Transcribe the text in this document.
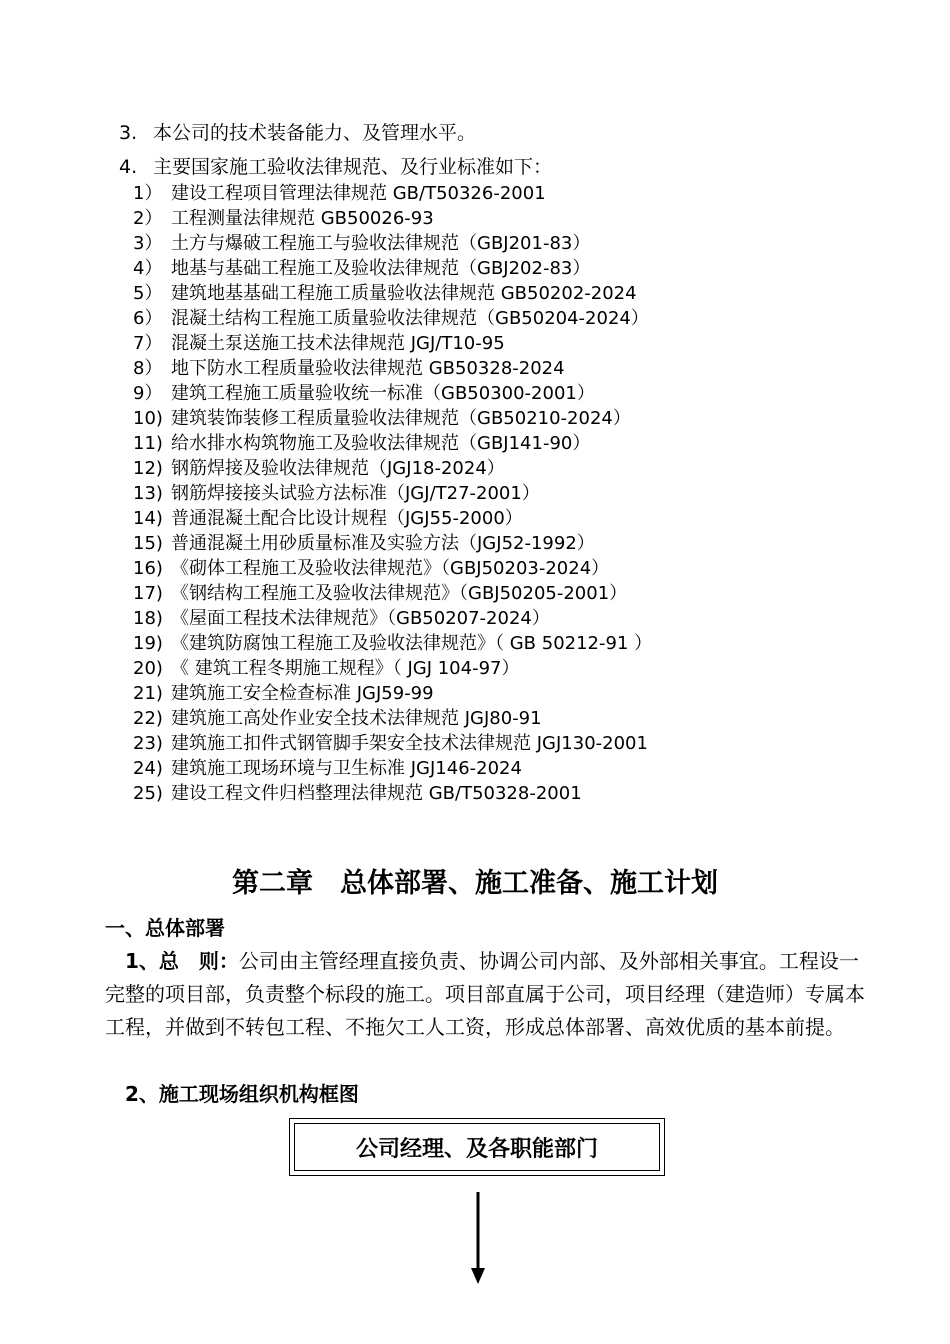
3. 本公司的技术装备能力、及管理水平。
4. 主要国家施工验收法律规范、及行业标准如下：
1） 建设工程项目管理法律规范 GB/T50326-2001
2） 工程测量法律规范 GB50026-93
3） 土方与爆破工程施工与验收法律规范（GBJ201-83）
4） 地基与基础工程施工及验收法律规范（GBJ202-83）
5） 建筑地基基础工程施工质量验收法律规范 GB50202-2024
6） 混凝土结构工程施工质量验收法律规范（GB50204-2024）
7） 混凝土泵送施工技术法律规范 JGJ/T10-95
8） 地下防水工程质量验收法律规范 GB50328-2024
9） 建筑工程施工质量验收统一标准（GB50300-2001）
10) 建筑装饰装修工程质量验收法律规范（GB50210-2024）
11) 给水排水构筑物施工及验收法律规范（GBJ141-90）
12) 钢筋焊接及验收法律规范（JGJ18-2024）
13) 钢筋焊接接头试验方法标准（JGJ/T27-2001）
14) 普通混凝土配合比设计规程（JGJ55-2000）
15) 普通混凝土用砂质量标准及实验方法（JGJ52-1992）
16) 《砌体工程施工及验收法律规范》（GBJ50203-2024）
17) 《钢结构工程施工及验收法律规范》（GBJ50205-2001）
18) 《屋面工程技术法律规范》（GB50207-2024）
19) 《建筑防腐蚀工程施工及验收法律规范》（ GB 50212-91 ）
20) 《 建筑工程冬期施工规程》（ JGJ 104-97）
21) 建筑施工安全检查标准 JGJ59-99
22) 建筑施工高处作业安全技术法律规范 JGJ80-91
23) 建筑施工扣件式钢管脚手架安全技术法律规范 JGJ130-2001
24) 建筑施工现场环境与卫生标准 JGJ146-2024
25) 建设工程文件归档整理法律规范 GB/T50328-2001
第二章　总体部署、施工准备、施工计划
一、总体部署
1、总　则：公司由主管经理直接负责、协调公司内部、及外部相关事宜。工程设一完整的项目部，负责整个标段的施工。项目部直属于公司，项目经理（建造师）专属本工程，并做到不转包工程、不拖欠工人工资，形成总体部署、高效优质的基本前提。
2、施工现场组织机构框图
公司经理、及各职能部门
